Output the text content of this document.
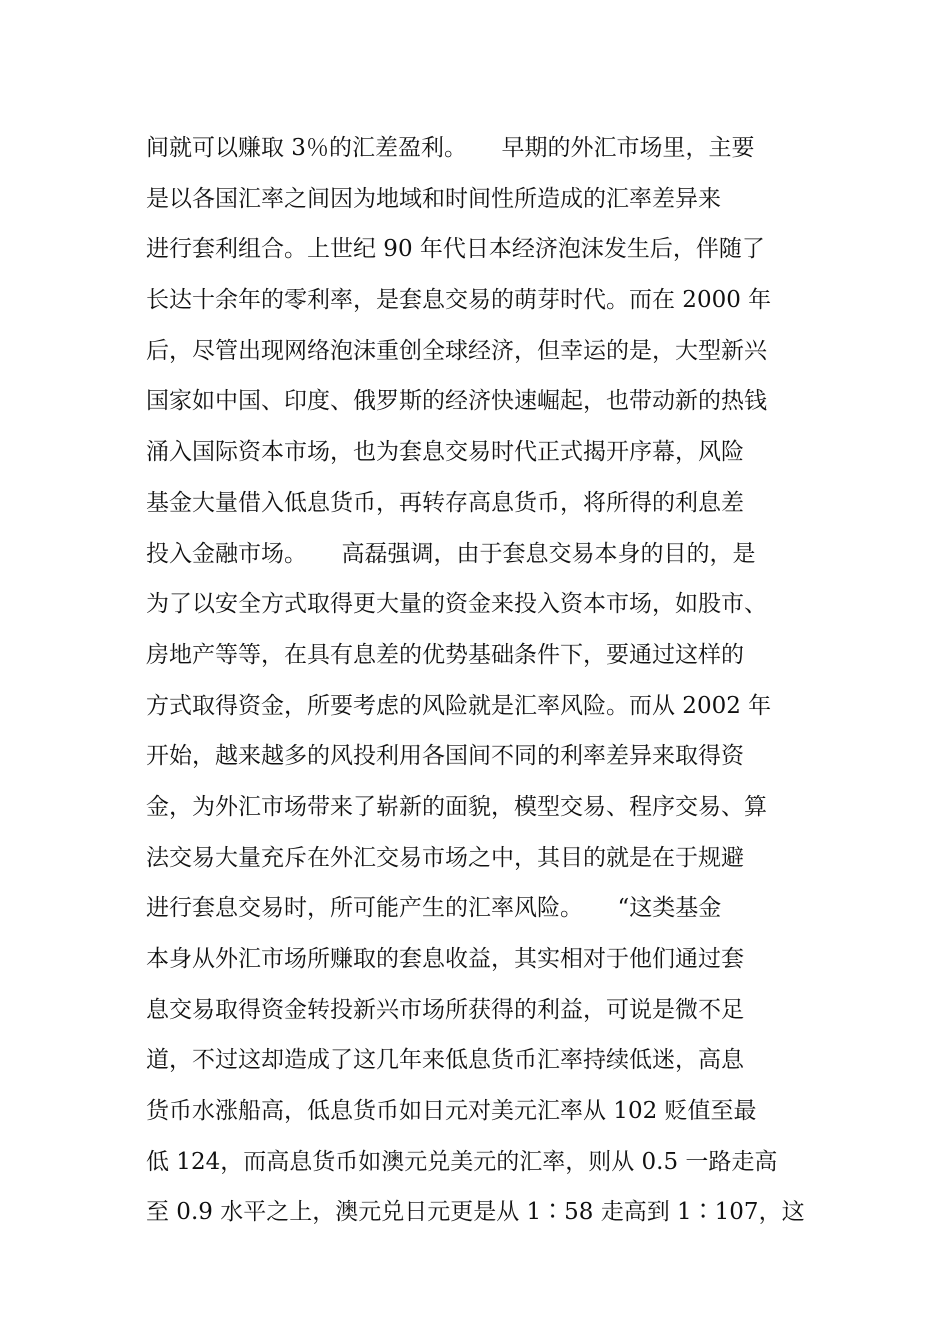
间就可以赚取 3％的汇差盈利。　　早期的外汇市场里，主要
是以各国汇率之间因为地域和时间性所造成的汇率差异来
进行套利组合。上世纪 90 年代日本经济泡沫发生后，伴随了
长达十余年的零利率，是套息交易的萌芽时代。而在 2000 年
后，尽管出现网络泡沫重创全球经济，但幸运的是，大型新兴
国家如中国、印度、俄罗斯的经济快速崛起，也带动新的热钱
涌入国际资本市场，也为套息交易时代正式揭开序幕，风险
基金大量借入低息货币，再转存高息货币，将所得的利息差
投入金融市场。　　高磊强调，由于套息交易本身的目的，是
为了以安全方式取得更大量的资金来投入资本市场，如股市、
房地产等等，在具有息差的优势基础条件下，要通过这样的
方式取得资金，所要考虑的风险就是汇率风险。而从 2002 年
开始，越来越多的风投利用各国间不同的利率差异来取得资
金，为外汇市场带来了崭新的面貌，模型交易、程序交易、算
法交易大量充斥在外汇交易市场之中，其目的就是在于规避
进行套息交易时，所可能产生的汇率风险。　　“这类基金
本身从外汇市场所赚取的套息收益，其实相对于他们通过套
息交易取得资金转投新兴市场所获得的利益，可说是微不足
道，不过这却造成了这几年来低息货币汇率持续低迷，高息
货币水涨船高，低息货币如日元对美元汇率从 102 贬值至最
低 124，而高息货币如澳元兑美元的汇率，则从 0.5 一路走高
至 0.9 水平之上，澳元兑日元更是从 1∶58 走高到 1∶107，这
